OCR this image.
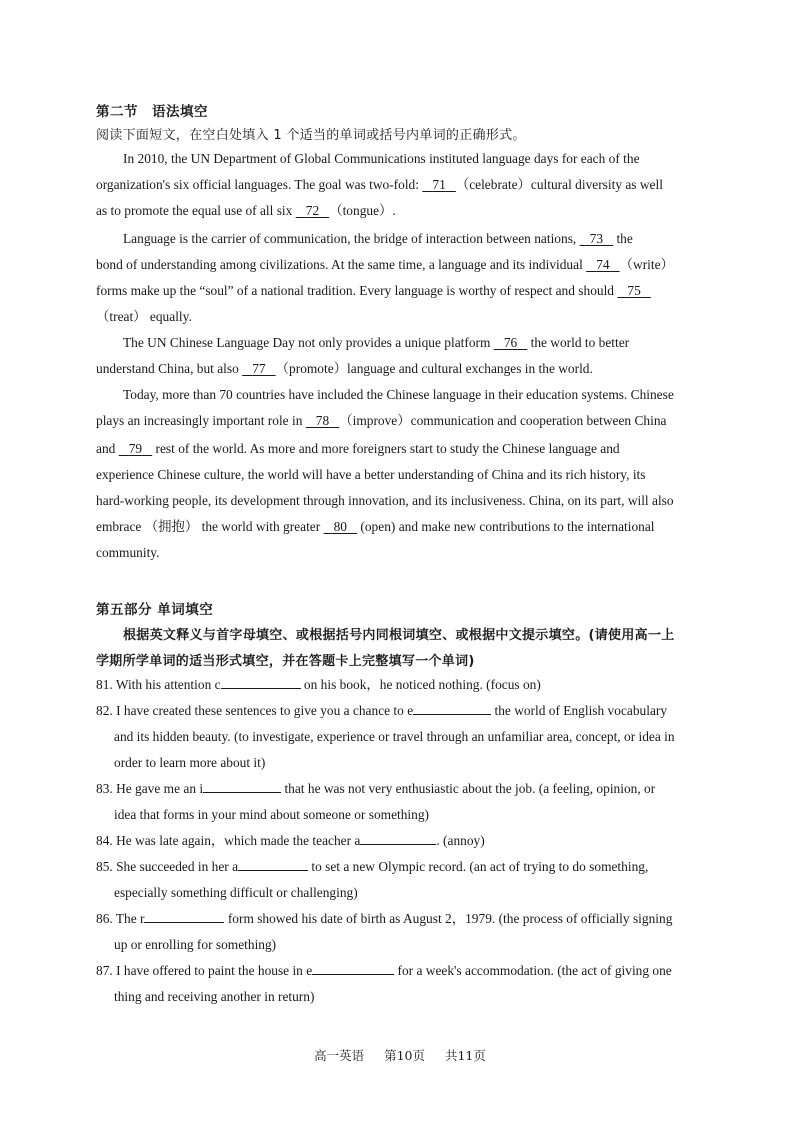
第二节　语法填空
阅读下面短文，在空白处填入 1 个适当的单词或括号内单词的正确形式。
In 2010, the UN Department of Global Communications instituted language days for each of the
organization's six official languages. The goal was two-fold:    71 （celebrate）cultural diversity as well
as to promote the equal use of all six    72 （tongue）.
Language is the carrier of communication, the bridge of interaction between nations,    73    the
bond of understanding among civilizations. At the same time, a language and its individual    74 （write）
forms make up the “soul” of a national tradition. Every language is worthy of respect and should    75
（treat） equally.
The UN Chinese Language Day not only provides a unique platform    76    the world to better
understand China, but also    77 （promote）language and cultural exchanges in the world.
Today, more than 70 countries have included the Chinese language in their education systems. Chinese
plays an increasingly important role in    78 （improve）communication and cooperation between China
and    79    rest of the world. As more and more foreigners start to study the Chinese language and
experience Chinese culture, the world will have a better understanding of China and its rich history, its
hard-working people, its development through innovation, and its inclusiveness. China, on its part, will also
embrace （拥抱） the world with greater    80    (open) and make new contributions to the international
community.
第五部分 单词填空
根据英文释义与首字母填空、或根据括号内同根词填空、或根据中文提示填空。(请使用高一上
学期所学单词的适当形式填空，并在答题卡上完整填写一个单词)
81. With his attention c	on his book，he noticed nothing. (focus on)
82. I have created these sentences to give you a chance to e	the world of English vocabulary
and its hidden beauty. (to investigate, experience or travel through an unfamiliar area, concept, or idea in
order to learn more about it)
83. He gave me an i	that he was not very enthusiastic about the job. (a feeling, opinion, or
idea that forms in your mind about someone or something)
84. He was late again，which made the teacher a	. (annoy)
85. She succeeded in her a	to set a new Olympic record. (an act of trying to do something,
especially something difficult or challenging)
86. The r	form showed his date of birth as August 2，1979. (the process of officially signing
up or enrolling for something)
87. I have offered to paint the house in e	for a week's accommodation. (the act of giving one
thing and receiving another in return)
高一英语 第10页 共11页
